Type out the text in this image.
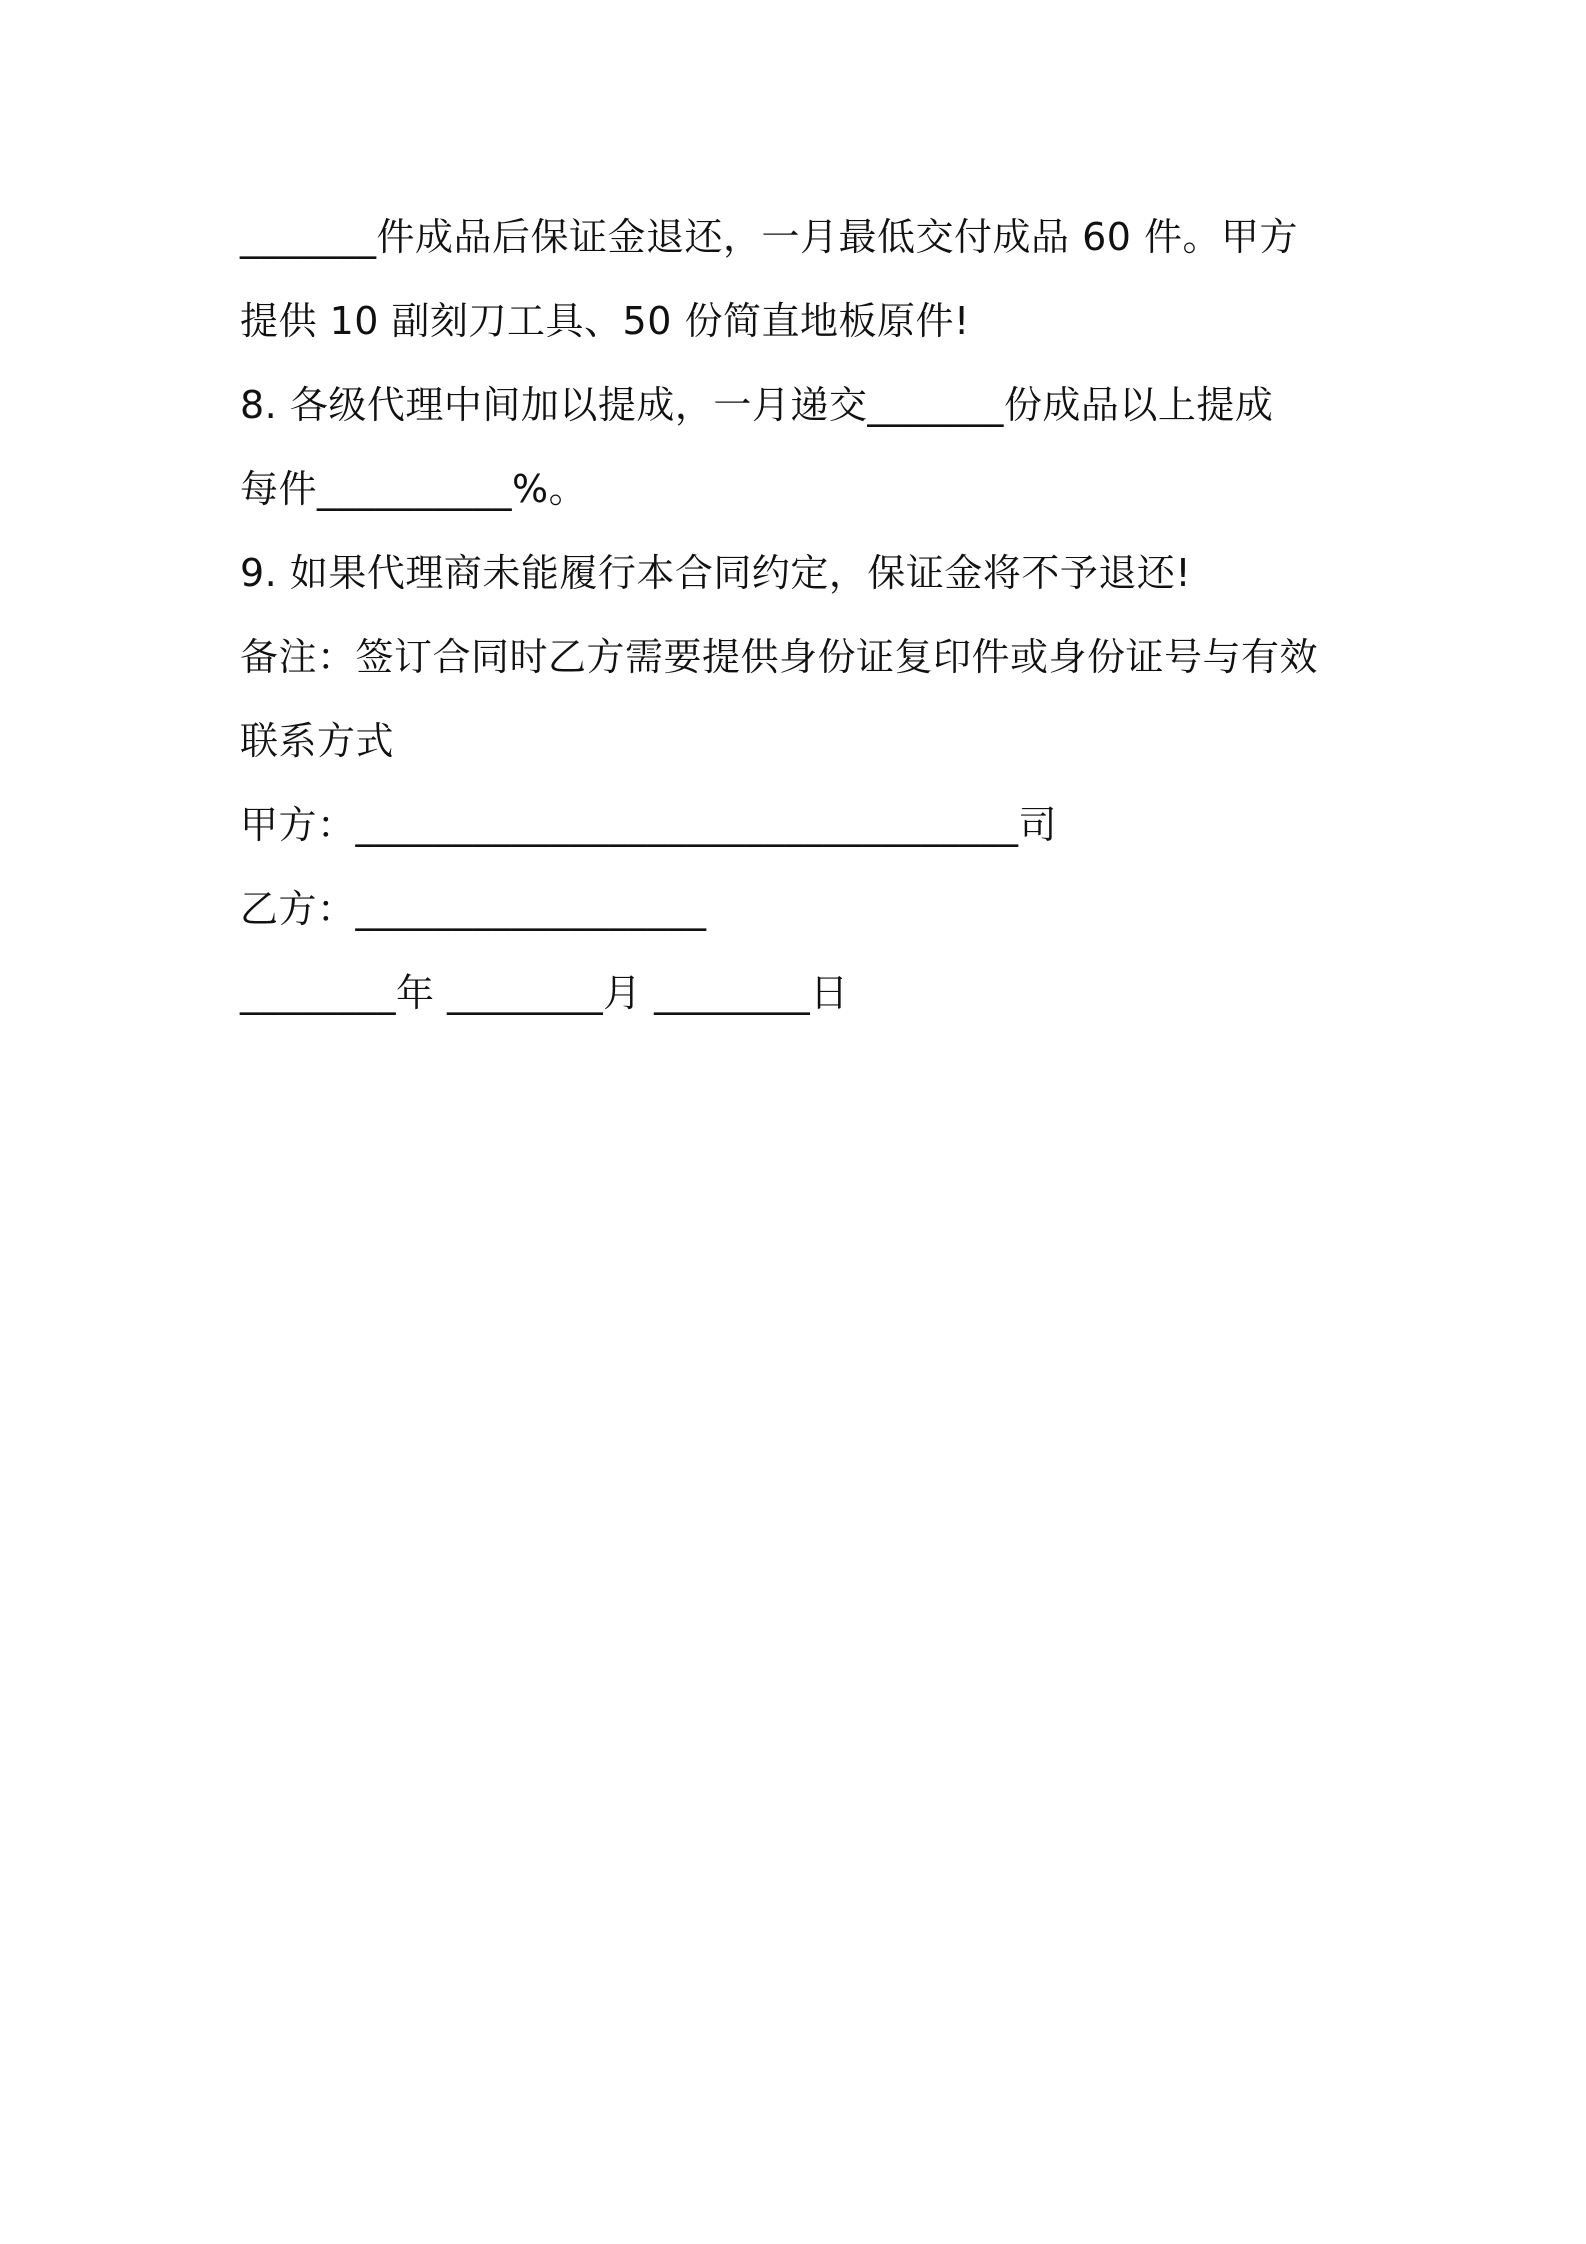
_______件成品后保证金退还，一月最低交付成品 60 件。甲方
提供 10 副刻刀工具、50 份简直地板原件!
8. 各级代理中间加以提成，一月递交_______份成品以上提成
每件__________%。
9. 如果代理商未能履行本合同约定，保证金将不予退还!
备注：签订合同时乙方需要提供身份证复印件或身份证号与有效
联系方式
甲方：__________________________________司
乙方：__________________
________年 ________月 ________日
